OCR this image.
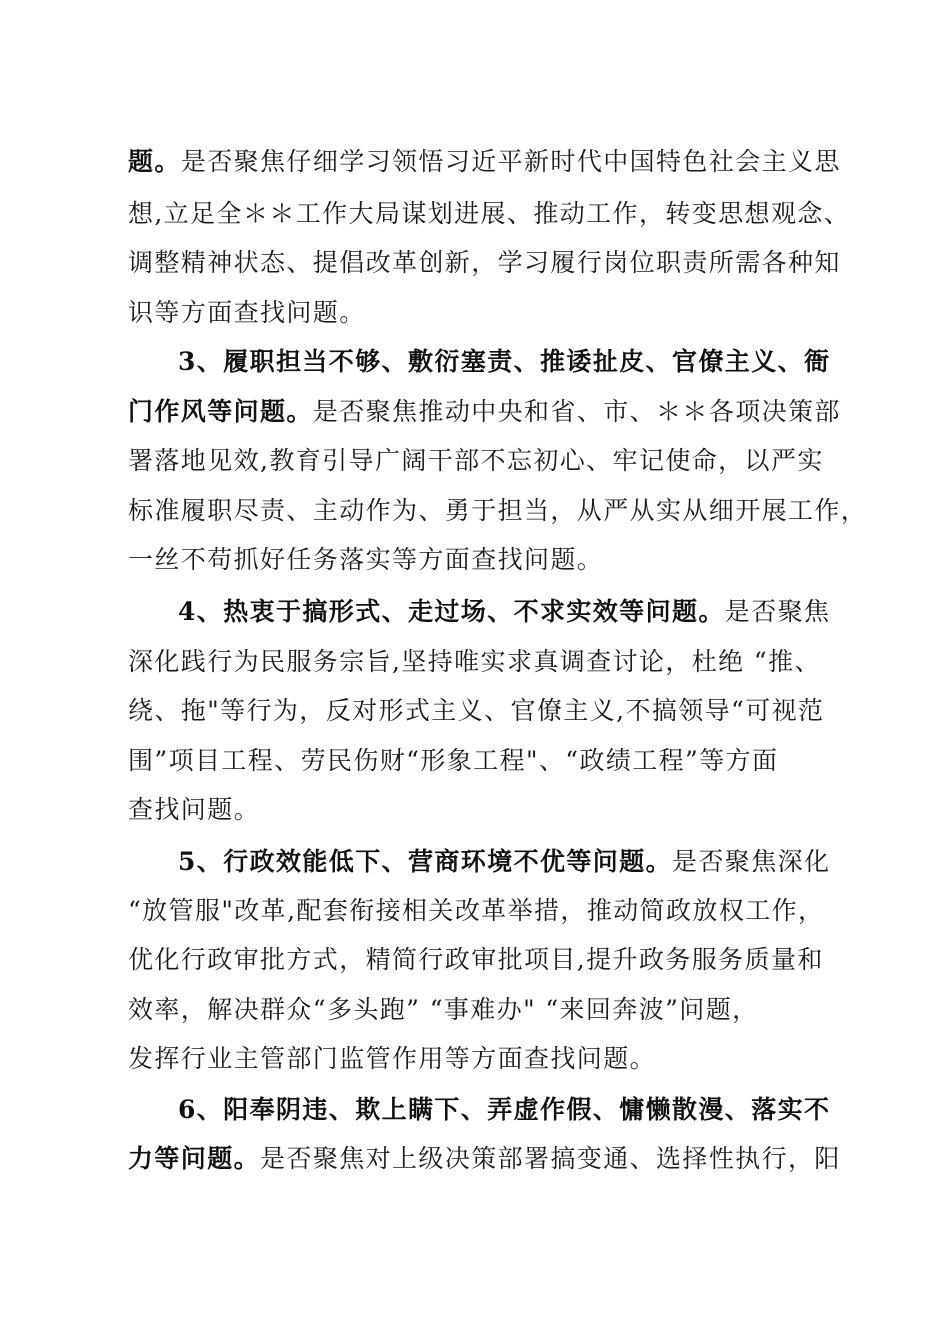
题。是否聚焦仔细学习领悟习近平新时代中国特色社会主义思
想,立足全＊＊工作大局谋划进展、推动工作，转变思想观念、
调整精神状态、提倡改革创新，学习履行岗位职责所需各种知
识等方面查找问题。
3、履职担当不够、敷衍塞责、推诿扯皮、官僚主义、衙
门作风等问题。是否聚焦推动中央和省、市、＊＊各项决策部
署落地见效,教育引导广阔干部不忘初心、牢记使命，以严实
标准履职尽责、主动作为、勇于担当，从严从实从细开展工作，
一丝不苟抓好任务落实等方面查找问题。
4、热衷于搞形式、走过场、不求实效等问题。是否聚焦
深化践行为民服务宗旨,坚持唯实求真调查讨论，杜绝 “推、
绕、拖"等行为，反对形式主义、官僚主义,不搞领导“可视范
围”项目工程、劳民伤财“形象工程"、“政绩工程”等方面
查找问题。
5、行政效能低下、营商环境不优等问题。是否聚焦深化
“放管服"改革,配套衔接相关改革举措，推动简政放权工作，
优化行政审批方式，精简行政审批项目,提升政务服务质量和
效率，解决群众“多头跑” “事难办" “来回奔波”问题，
发挥行业主管部门监管作用等方面查找问题。
6、阳奉阴违、欺上瞒下、弄虚作假、慵懒散漫、落实不
力等问题。是否聚焦对上级决策部署搞变通、选择性执行，阳
